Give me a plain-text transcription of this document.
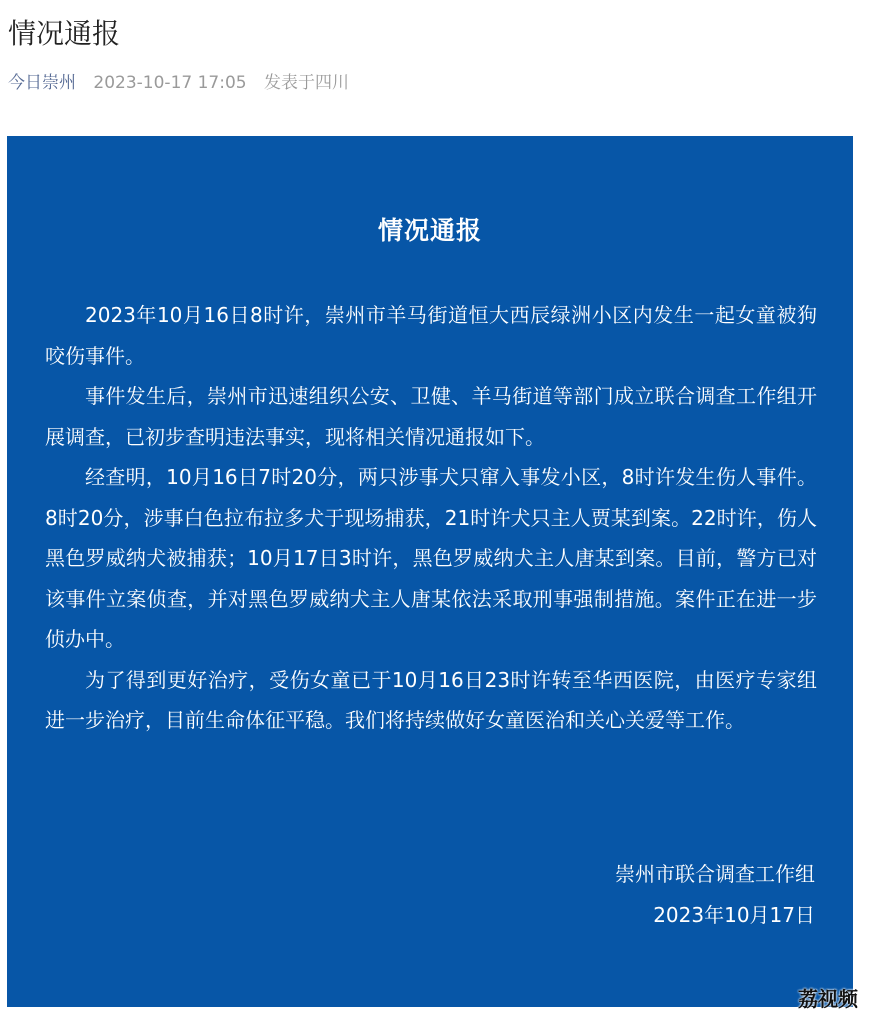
情况通报
今日崇州 2023-10-17 17:05 发表于四川
情况通报

2023年10月16日8时许，崇州市羊马街道恒大西辰绿洲小区内发生一起女童被狗咬伤事件。

事件发生后，崇州市迅速组织公安、卫健、羊马街道等部门成立联合调查工作组开展调查，已初步查明违法事实，现将相关情况通报如下。

经查明，10月16日7时20分，两只涉事犬只窜入事发小区，8时许发生伤人事件。8时20分，涉事白色拉布拉多犬于现场捕获，21时许犬只主人贾某到案。22时许，伤人黑色罗威纳犬被捕获；10月17日3时许，黑色罗威纳犬主人唐某到案。目前，警方已对该事件立案侦查，并对黑色罗威纳犬主人唐某依法采取刑事强制措施。案件正在进一步侦办中。

为了得到更好治疗，受伤女童已于10月16日23时许转至华西医院，由医疗专家组进一步治疗，目前生命体征平稳。我们将持续做好女童医治和关心关爱等工作。

崇州市联合调查工作组
2023年10月17日
荔视频
